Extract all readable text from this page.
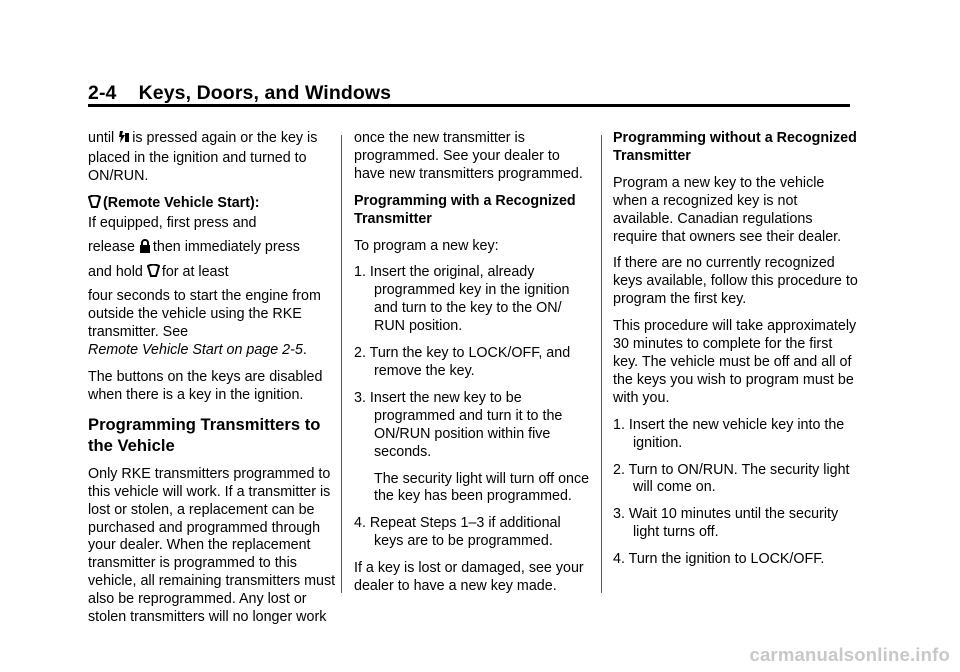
2-4 Keys, Doors, and Windows

until is pressed again or the key is placed in the ignition and turned to ON/RUN.

(Remote Vehicle Start):
If equipped, first press and
release then immediately press
and hold for at least
four seconds to start the engine from outside the vehicle using the RKE transmitter. See Remote Vehicle Start on page 2-5.

The buttons on the keys are disabled when there is a key in the ignition.

Programming Transmitters to the Vehicle

Only RKE transmitters programmed to this vehicle will work. If a transmitter is lost or stolen, a replacement can be purchased and programmed through your dealer. When the replacement transmitter is programmed to this vehicle, all remaining transmitters must also be reprogrammed. Any lost or stolen transmitters will no longer work

once the new transmitter is programmed. See your dealer to have new transmitters programmed.

Programming with a Recognized Transmitter

To program a new key:

1. Insert the original, already programmed key in the ignition and turn to the key to the ON/ RUN position.

2. Turn the key to LOCK/OFF, and remove the key.

3. Insert the new key to be programmed and turn it to the ON/RUN position within five seconds.

The security light will turn off once the key has been programmed.

4. Repeat Steps 1–3 if additional keys are to be programmed.

If a key is lost or damaged, see your dealer to have a new key made.

Programming without a Recognized Transmitter

Program a new key to the vehicle when a recognized key is not available. Canadian regulations require that owners see their dealer.

If there are no currently recognized keys available, follow this procedure to program the first key.

This procedure will take approximately 30 minutes to complete for the first key. The vehicle must be off and all of the keys you wish to program must be with you.

1. Insert the new vehicle key into the ignition.

2. Turn to ON/RUN. The security light will come on.

3. Wait 10 minutes until the security light turns off.

4. Turn the ignition to LOCK/OFF.

carmanualsonline.info
